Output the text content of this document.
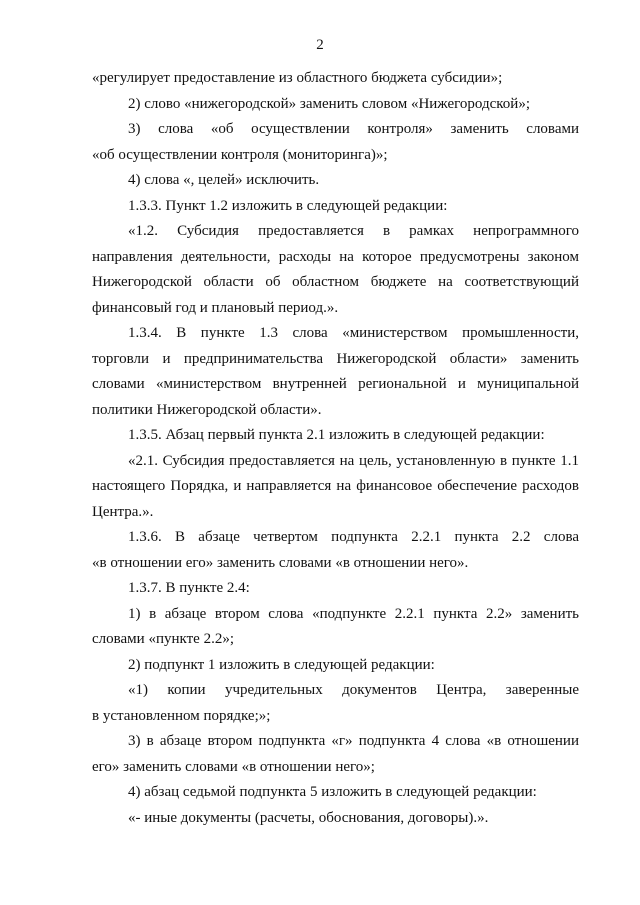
2
«регулирует предоставление из областного бюджета субсидии»;
2) слово «нижегородской» заменить словом «Нижегородской»;
3) слова «об осуществлении контроля» заменить словами
«об осуществлении контроля (мониторинга)»;
4) слова «, целей» исключить.
1.3.3. Пункт 1.2 изложить в следующей редакции:
«1.2. Субсидия предоставляется в рамках непрограммного
направления деятельности, расходы на которое предусмотрены законом
Нижегородской области об областном бюджете на соответствующий
финансовый год и плановый период.».
1.3.4. В пункте 1.3 слова «министерством промышленности,
торговли и предпринимательства Нижегородской области» заменить
словами «министерством внутренней региональной и муниципальной
политики Нижегородской области».
1.3.5. Абзац первый пункта 2.1 изложить в следующей редакции:
«2.1. Субсидия предоставляется на цель, установленную в пункте 1.1
настоящего Порядка, и направляется на финансовое обеспечение расходов
Центра.».
1.3.6. В абзаце четвертом подпункта 2.2.1 пункта 2.2 слова
«в отношении его» заменить словами «в отношении него».
1.3.7. В пункте 2.4:
1) в абзаце втором слова «подпункте 2.2.1 пункта 2.2» заменить
словами «пункте 2.2»;
2) подпункт 1 изложить в следующей редакции:
«1) копии учредительных документов Центра, заверенные
в установленном порядке;»;
3) в абзаце втором подпункта «г» подпункта 4 слова «в отношении
его» заменить словами «в отношении него»;
4) абзац седьмой подпункта 5 изложить в следующей редакции:
«- иные документы (расчеты, обоснования, договоры).».
